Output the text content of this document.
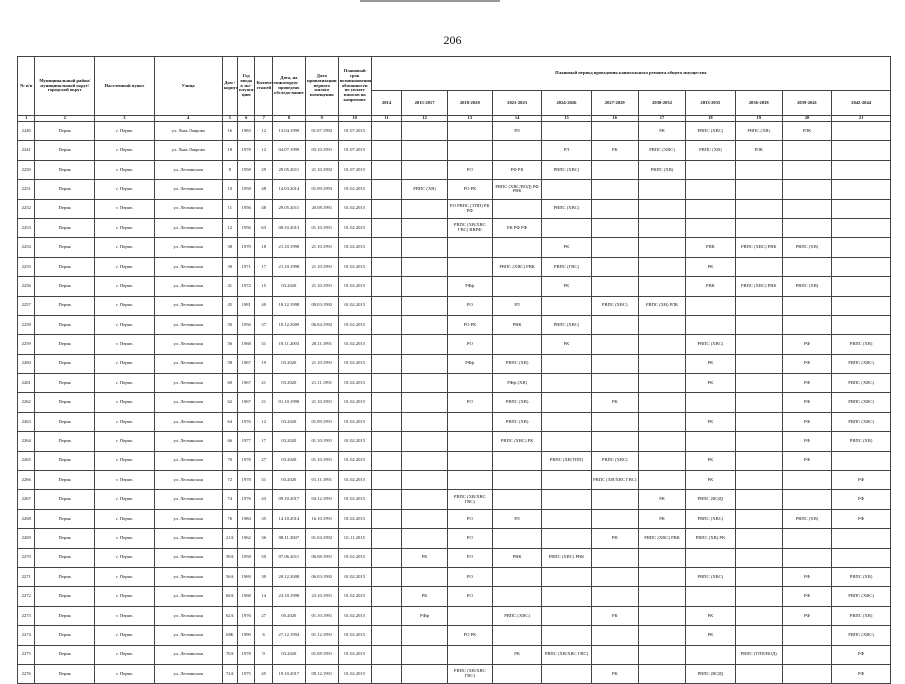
206
№ п/п	Муниципальный район/ муниципальный округ/городской округ	Населенный пункт	Улица	Дом / корпус	Год ввода в экс-плуата-цию	Количество этажей	Дата, на которую проведено обследо-вание	Дата приватизации первого жилого помещения	Плановый срок возникновения обязанности по уплате взносов на капремонт	Плановый период проведения капитального ремонта общего имущества										
										2014	2015-2017	2018-2020	2021-2023	2024-2026	2027-2029	2030-2032	2033-2035	2036-2038	2039-2041	2042-2044
1	2	3	4	5	6	7	8	9	10	11	12	13	14	15	16	17	18	19	20	21
2240	Пермь	г. Пермь	ул. Льва Лаврова	16	1983	12	13.04.1999	01.07.1992	01.07.2015				РЛ			РК	РВПС (ХВС)	РВПС (ХВ)	РЛК	
2241	Пермь	г. Пермь	ул. Льва Лаврова	18	1978	12	04.07.1999	03.10.1991	01.07.2015					РЛ	РК	РВПС (ХВС)	РВПС (ХВ)	РЛК		
2250	Пермь	г. Пермь	ул. Лесвинская	8	1958	29	29.05.2011	21.10.1992	01.07.2015			РО	РФ РК	РВПС (ХВС)		РВПС (ХВ)				
2251	Пермь	г. Пермь	ул. Лесвинская	10	1958	48	14.03.2014	01.09.1993	01.02.2015		РВПС (ХВ)	РО РК	РВПС (ХВС/ВОД) РФ РВК							
2252	Пермь	г. Пермь	ул. Лесвинская	11	1956	48	29.05.2011	20.08.1991	01.02.2015			РО РВПС (ТПП) РК РФ		РВПС (ХВС)						
2253	Пермь	г. Пермь	ул. Лесвинская	12	1956	63	08.10.2013	01.10.1991	01.02.2015			РВПС (ХВ/ХВС ГВС) ВВРФ	РК РФ РФ							
2254	Пермь	г. Пермь	ул. Лесвинская	38	1970	18	21.10.1998	21.10.1991	01.02.2015					РК			РВК	РВПС (ХВС) РВК	РВПС (ХВ)	
2255	Пермь	г. Пермь	ул. Лесвинская	39	1971	17	21.10.1998	21.10.1991	01.02.2015				РВПС (ХВС) РВК	РВПС (ГВС)			РК			
2256	Пермь	г. Пермь	ул. Лесвинская	41	1972	15	03.2020	21.10.1991	01.02.2015			РФф		РК			РВК	РВПС (ХВС) РВК	РВПС (ХВ)	
2257	Пермь	г. Пермь	ул. Лесвинская	45	1981	40	18.12.1998	09.03.1992	01.02.2015			РО	РЛ		РВПС (ХВС)	РВПС (ХВ) РЛК				
2258	Пермь	г. Пермь	ул. Лесвинская	50	1956	37	18.12.2009	06.04.1992	01.02.2015			РО РК	РВК	РВПС (ХВС)						
2259	Пермь	г. Пермь	ул. Лесвинская	56	1968	31	18.11.2003	28.11.1991	01.02.2015			РО		РК			РВПС (ХВС)		РФ	РВПС (ХВ)
2260	Пермь	г. Пермь	ул. Лесвинская	58	1967	19	03.2020	21.10.1991	01.02.2015			РФф	РВПС (ХВ)				РК		РФ	РВПС (ХВС)
2261	Пермь	г. Пермь	ул. Лесвинская	60	1967	21	03.2020	21.11.1991	01.02.2015				РФф (ХВ)				РК		РФ	РВПС (ХВС)
2262	Пермь	г. Пермь	ул. Лесвинская	62	1967	21	01.10.1998	21.10.1991	01.02.2015			РО	РВПС (ХВ)		РК				РФ	РВПС (ХВС)
2263	Пермь	г. Пермь	ул. Лесвинская	64	1976	12	03.2020	01.09.1991	01.02.2015				РВПС (ХВ)				РК		РФ	РВПС (ХВС)
2264	Пермь	г. Пермь	ул. Лесвинская	66	1977	17	03.2020	01.10.1991	01.02.2015				РВПС (ХВС) РК						РФ	РВПС (ХВ)
2265	Пермь	г. Пермь	ул. Лесвинская	70	1978	27	03.2020	01.10.1991	01.02.2015					РВПС (ХВ/ТПП)	РВПС (ХВС)		РК		РФ	
2266	Пермь	г. Пермь	ул. Лесвинская	72	1978	31	03.2020	01.11.1991	01.02.2015						РВПС (ХВ/ХВС ГВС)		РК			РФ
2267	Пермь	г. Пермь	ул. Лесвинская	74	1976	43	09.10.2017	04.12.1991	01.02.2015			РВПС (ХВ/ХВС ГВС)				РК	РВПС (ВОД)			РФ
2268	Пермь	г. Пермь	ул. Лесвинская	76	1984	35	14.10.2014	16.10.1991	01.02.2015			РО	РЛ			РК	РВПС (ХВС)		РВПС (ХВ)	РФ
2269	Пермь	г. Пермь	ул. Лесвинская	21А	1962	36	08.11.2007	01.04.1992	01.11.2015			РО			РФ	РВПС (ХВС) РВК	РВПС (ХВ) РК			
2270	Пермь	г. Пермь	ул. Лесвинская	39А	1958	50	07.06.2011	06.08.1991	01.02.2015		РК	РО	РВК	РВПС (ХВС) РВК						
2271	Пермь	г. Пермь	ул. Лесвинская	56А	1969	30	20.12.2008	06.03.1992	01.02.2015			РО					РВПС (ХВС)		РФ	РВПС (ХВ)
2272	Пермь	г. Пермь	ул. Лесвинская	60А	1968	14	23.10.1998	23.10.1991	01.02.2015		РК	РО							РФ	РВПС (ХВС)
2273	Пермь	г. Пермь	ул. Лесвинская	62А	1976	27	05.2020	01.10.1991	01.02.2015		РФф		РВПС (ХВС)		РК		РК		РФ	РВПС (ХВ)
2274	Пермь	г. Пермь	ул. Лесвинская	68Б	1990	6	27.12.1994	01.12.1991	01.02.2015			РО РК					РК			РВПС (ХВС)
2275	Пермь	г. Пермь	ул. Лесвинская	70А	1978	9	03.2020	01.08.1991	01.02.2015				РК	РВПС (ХВ/ХВС ГВС)				РВПС (ТПП/ВОД)		РФ
2276	Пермь	г. Пермь	ул. Лесвинская	72А	1975	45	19.10.2017	09.12.1991	01.02.2015			РВПС (ХВ/ХВС ГВС)			РК		РВПС (ВОД)			РФ
